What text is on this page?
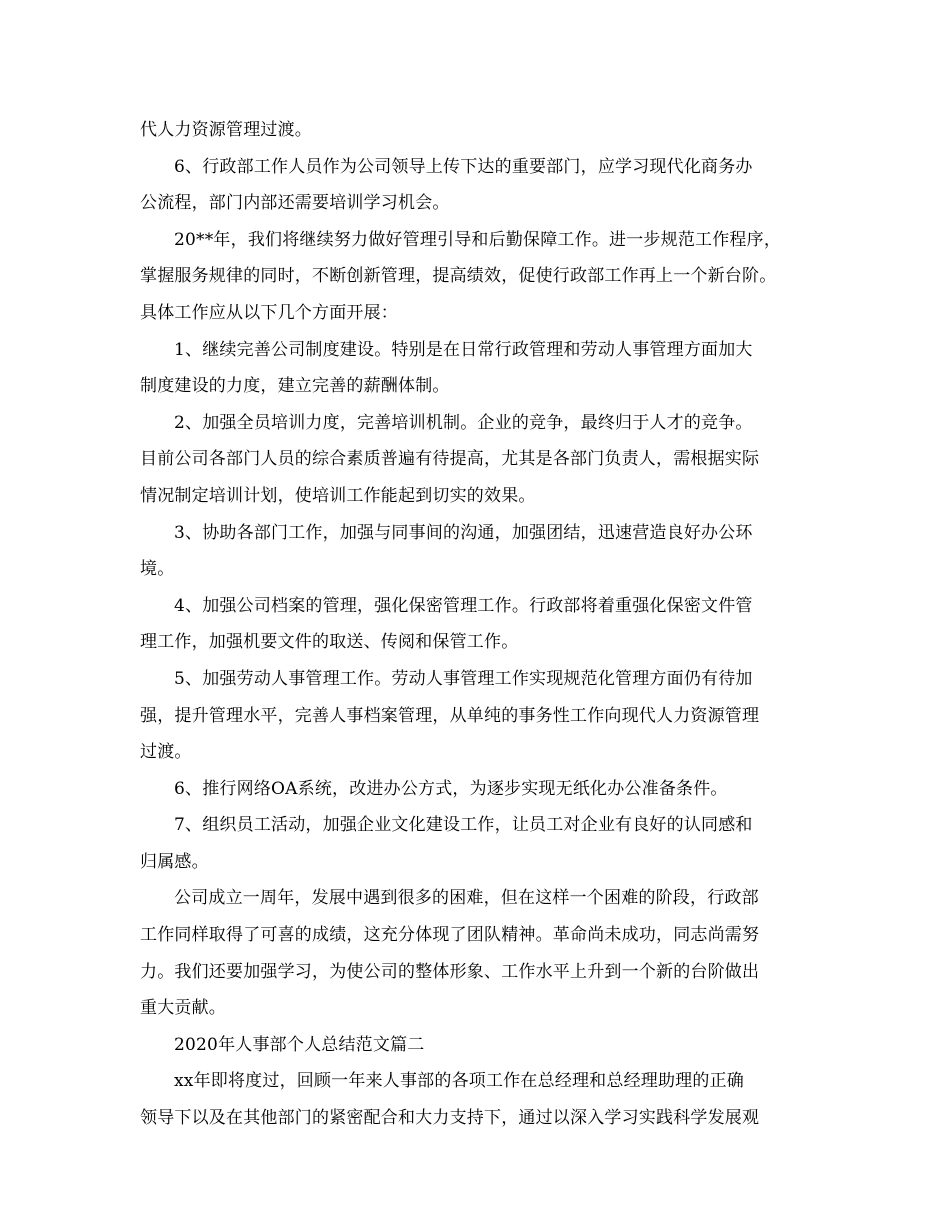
代人力资源管理过渡。
6、行政部工作人员作为公司领导上传下达的重要部门，应学习现代化商务办
公流程，部门内部还需要培训学习机会。
20**年，我们将继续努力做好管理引导和后勤保障工作。进一步规范工作程序，
掌握服务规律的同时，不断创新管理，提高绩效，促使行政部工作再上一个新台阶。
具体工作应从以下几个方面开展：
1、继续完善公司制度建设。特别是在日常行政管理和劳动人事管理方面加大
制度建设的力度，建立完善的薪酬体制。
2、加强全员培训力度，完善培训机制。企业的竞争，最终归于人才的竞争。
目前公司各部门人员的综合素质普遍有待提高，尤其是各部门负责人，需根据实际
情况制定培训计划，使培训工作能起到切实的效果。
3、协助各部门工作，加强与同事间的沟通，加强团结，迅速营造良好办公环
境。
4、加强公司档案的管理，强化保密管理工作。行政部将着重强化保密文件管
理工作，加强机要文件的取送、传阅和保管工作。
5、加强劳动人事管理工作。劳动人事管理工作实现规范化管理方面仍有待加
强，提升管理水平，完善人事档案管理，从单纯的事务性工作向现代人力资源管理
过渡。
6、推行网络OA系统，改进办公方式，为逐步实现无纸化办公准备条件。
7、组织员工活动，加强企业文化建设工作，让员工对企业有良好的认同感和
归属感。
公司成立一周年，发展中遇到很多的困难，但在这样一个困难的阶段，行政部
工作同样取得了可喜的成绩，这充分体现了团队精神。革命尚未成功，同志尚需努
力。我们还要加强学习，为使公司的整体形象、工作水平上升到一个新的台阶做出
重大贡献。
2020年人事部个人总结范文篇二
xx年即将度过，回顾一年来人事部的各项工作在总经理和总经理助理的正确
领导下以及在其他部门的紧密配合和大力支持下，通过以深入学习实践科学发展观
